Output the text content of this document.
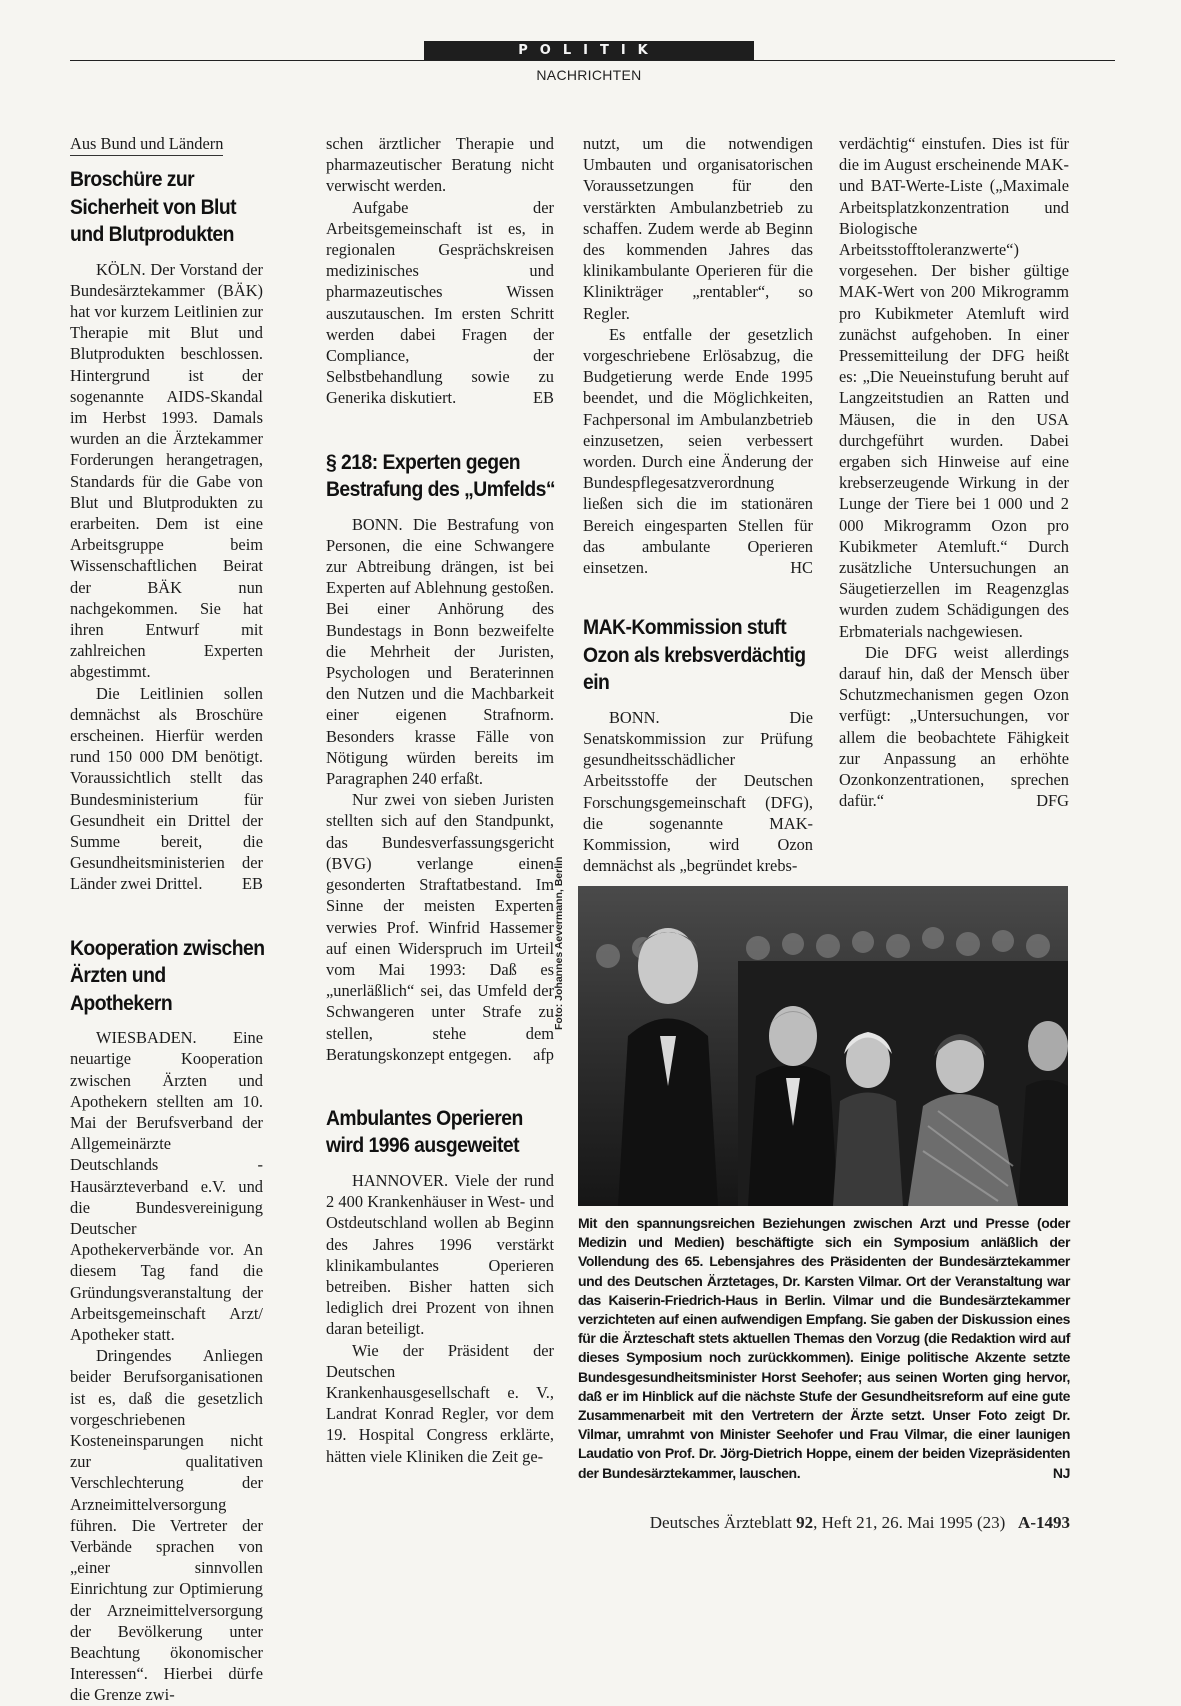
POLITIK
NACHRICHTEN
Aus Bund und Ländern
Broschüre zur Sicherheit von Blut und Blutprodukten

KÖLN. Der Vorstand der Bundesärztekammer (BÄK) hat vor kurzem Leitlinien zur Therapie mit Blut und Blutprodukten beschlossen. Hintergrund ist der sogenannte AIDS-Skandal im Herbst 1993. Damals wurden an die Ärztekammer Forderungen herangetragen, Standards für die Gabe von Blut und Blutprodukten zu erarbeiten. Dem ist eine Arbeitsgruppe beim Wissenschaftlichen Beirat der BÄK nun nachgekommen. Sie hat ihren Entwurf mit zahlreichen Experten abgestimmt.

Die Leitlinien sollen demnächst als Broschüre erscheinen. Hierfür werden rund 150 000 DM benötigt. Voraussichtlich stellt das Bundesministerium für Gesundheit ein Drittel der Summe bereit, die Gesundheitsministerien der Länder zwei Drittel. EB

Kooperation zwischen Ärzten und Apothekern

WIESBADEN. Eine neuartige Kooperation zwischen Ärzten und Apothekern stellten am 10. Mai der Berufsverband der Allgemeinärzte Deutschlands - Hausärzteverband e.V. und die Bundesvereinigung Deutscher Apothekerverbände vor. An diesem Tag fand die Gründungsveranstaltung der Arbeitsgemeinschaft Arzt/ Apotheker statt.

Dringendes Anliegen beider Berufsorganisationen ist es, daß die gesetzlich vorgeschriebenen Kosteneinsparungen nicht zur qualitativen Verschlechterung der Arzneimittelversorgung führen. Die Vertreter der Verbände sprachen von „einer sinnvollen Einrichtung zur Optimierung der Arzneimittelversorgung der Bevölkerung unter Beachtung ökonomischer Interessen“. Hierbei dürfe die Grenze zwi-

schen ärztlicher Therapie und pharmazeutischer Beratung nicht verwischt werden.

Aufgabe der Arbeitsgemeinschaft ist es, in regionalen Gesprächskreisen medizinisches und pharmazeutisches Wissen auszutauschen. Im ersten Schritt werden dabei Fragen der Compliance, der Selbstbehandlung sowie zu Generika diskutiert.	EB

§ 218: Experten gegen Bestrafung des „Umfelds“

BONN. Die Bestrafung von Personen, die eine Schwangere zur Abtreibung drängen, ist bei Experten auf Ablehnung gestoßen. Bei einer Anhörung des Bundestags in Bonn bezweifelte die Mehrheit der Juristen, Psychologen und Beraterinnen den Nutzen und die Machbarkeit einer eigenen Strafnorm. Besonders krasse Fälle von Nötigung würden bereits im Paragraphen 240 erfaßt.

Nur zwei von sieben Juristen stellten sich auf den Standpunkt, das Bundesverfassungsgericht (BVG) verlange einen gesonderten Straftatbestand. Im Sinne der meisten Experten verwies Prof. Winfrid Hassemer auf einen Widerspruch im Urteil vom Mai 1993: Daß es „unerläßlich“ sei, das Umfeld der Schwangeren unter Strafe zu stellen, stehe dem Beratungskonzept entgegen. afp

Ambulantes Operieren wird 1996 ausgeweitet

HANNOVER. Viele der rund 2 400 Krankenhäuser in West- und Ostdeutschland wollen ab Beginn des Jahres 1996 verstärkt klinikambulantes Operieren betreiben. Bisher hatten sich lediglich drei Prozent von ihnen daran beteiligt.

Wie der Präsident der Deutschen Krankenhausgesellschaft e. V., Landrat Konrad Regler, vor dem 19. Hospital Congress erklärte, hätten viele Kliniken die Zeit ge-

nutzt, um die notwendigen Umbauten und organisatorischen Voraussetzungen für den verstärkten Ambulanzbetrieb zu schaffen. Zudem werde ab Beginn des kommenden Jahres das klinikambulante Operieren für die Klinikträger „rentabler“, so Regler.

Es entfalle der gesetzlich vorgeschriebene Erlösabzug, die Budgetierung werde Ende 1995 beendet, und die Möglichkeiten, Fachpersonal im Ambulanzbetrieb einzusetzen, seien verbessert worden. Durch eine Änderung der Bundespflegesatzverordnung ließen sich die im stationären Bereich eingesparten Stellen für das ambulante Operieren einsetzen.	HC

MAK-Kommission stuft Ozon als krebsverdächtig ein

BONN. Die Senatskommission zur Prüfung gesundheitsschädlicher Arbeitsstoffe der Deutschen Forschungsgemeinschaft (DFG), die sogenannte MAK-Kommission, wird Ozon demnächst als „begründet krebs-

verdächtig“ einstufen. Dies ist für die im August erscheinende MAK- und BAT-Werte-Liste („Maximale Arbeitsplatzkonzentration und Biologische Arbeitsstofftoleranzwerte“) vorgesehen. Der bisher gültige MAK-Wert von 200 Mikrogramm pro Kubikmeter Atemluft wird zunächst aufgehoben. In einer Pressemitteilung der DFG heißt es: „Die Neueinstufung beruht auf Langzeitstudien an Ratten und Mäusen, die in den USA durchgeführt wurden. Dabei ergaben sich Hinweise auf eine krebserzeugende Wirkung in der Lunge der Tiere bei 1 000 und 2 000 Mikrogramm Ozon pro Kubikmeter Atemluft.“ Durch zusätzliche Untersuchungen an Säugetierzellen im Reagenzglas wurden zudem Schädigungen des Erbmaterials nachgewiesen.

Die DFG weist allerdings darauf hin, daß der Mensch über Schutzmechanismen gegen Ozon verfügt: „Untersuchungen, vor allem die beobachtete Fähigkeit zur Anpassung an erhöhte Ozonkonzentrationen, sprechen dafür.“	DFG

Foto: Johannes Aevermann, Berlin
Mit den spannungsreichen Beziehungen zwischen Arzt und Presse (oder Medizin und Medien) beschäftigte sich ein Symposium anläßlich der Vollendung des 65. Lebensjahres des Präsidenten der Bundesärztekammer und des Deutschen Ärztetages, Dr. Karsten Vilmar. Ort der Veranstaltung war das Kaiserin-Friedrich-Haus in Berlin. Vilmar und die Bundesärztekammer verzichteten auf einen aufwendigen Empfang. Sie gaben der Diskussion eines für die Ärzteschaft stets aktuellen Themas den Vorzug (die Redaktion wird auf dieses Symposium noch zurückkommen). Einige politische Akzente setzte Bundesgesundheitsminister Horst Seehofer; aus seinen Worten ging hervor, daß er im Hinblick auf die nächste Stufe der Gesundheitsreform auf eine gute Zusammenarbeit mit den Vertretern der Ärzte setzt. Unser Foto zeigt Dr. Vilmar, umrahmt von Minister Seehofer und Frau Vilmar, die einer launigen Laudatio von Prof. Dr. Jörg-Dietrich Hoppe, einem der beiden Vizepräsidenten der Bundesärztekammer, lauschen.	NJ
Deutsches Ärzteblatt 92, Heft 21, 26. Mai 1995 (23) A-1493
